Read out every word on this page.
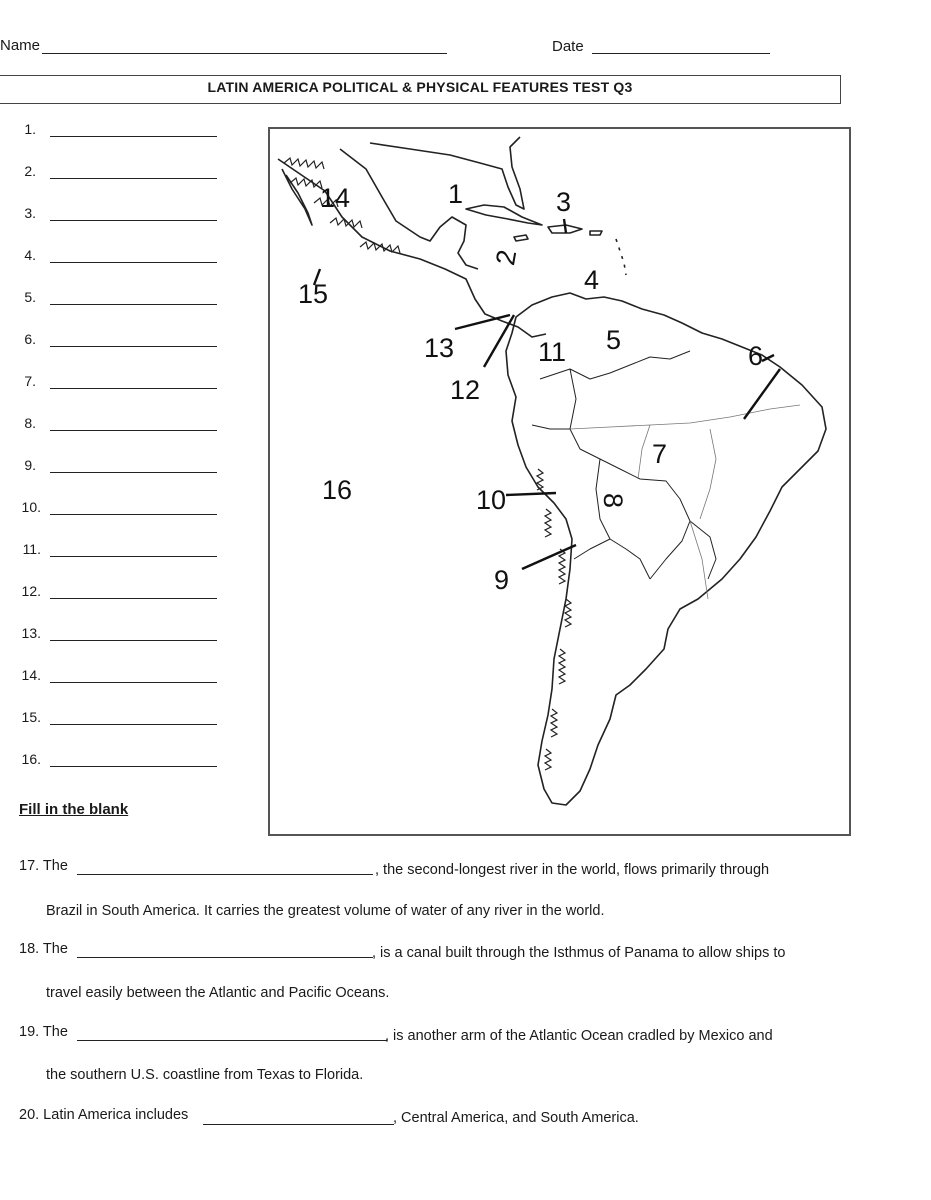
Name	Date
LATIN AMERICA POLITICAL & PHYSICAL FEATURES TEST Q3
1.
2.
3.
4.
5.
6.
7.
8.
9.
10.
11.
12.
13.
14.
15.
16.
1
2
3
4
5
6
7
8
9
10
11
12
13
14
15
16
Fill in the blank
17. The	, the second-longest river in the world, flows primarily through
Brazil in South America. It carries the greatest volume of water of any river in the world.
18. The	, is a canal built through the Isthmus of Panama to allow ships to
travel easily between the Atlantic and Pacific Oceans.
19. The	, is another arm of the Atlantic Ocean cradled by Mexico and
the southern U.S. coastline from Texas to Florida.
20. Latin America includes	, Central America, and South America.
